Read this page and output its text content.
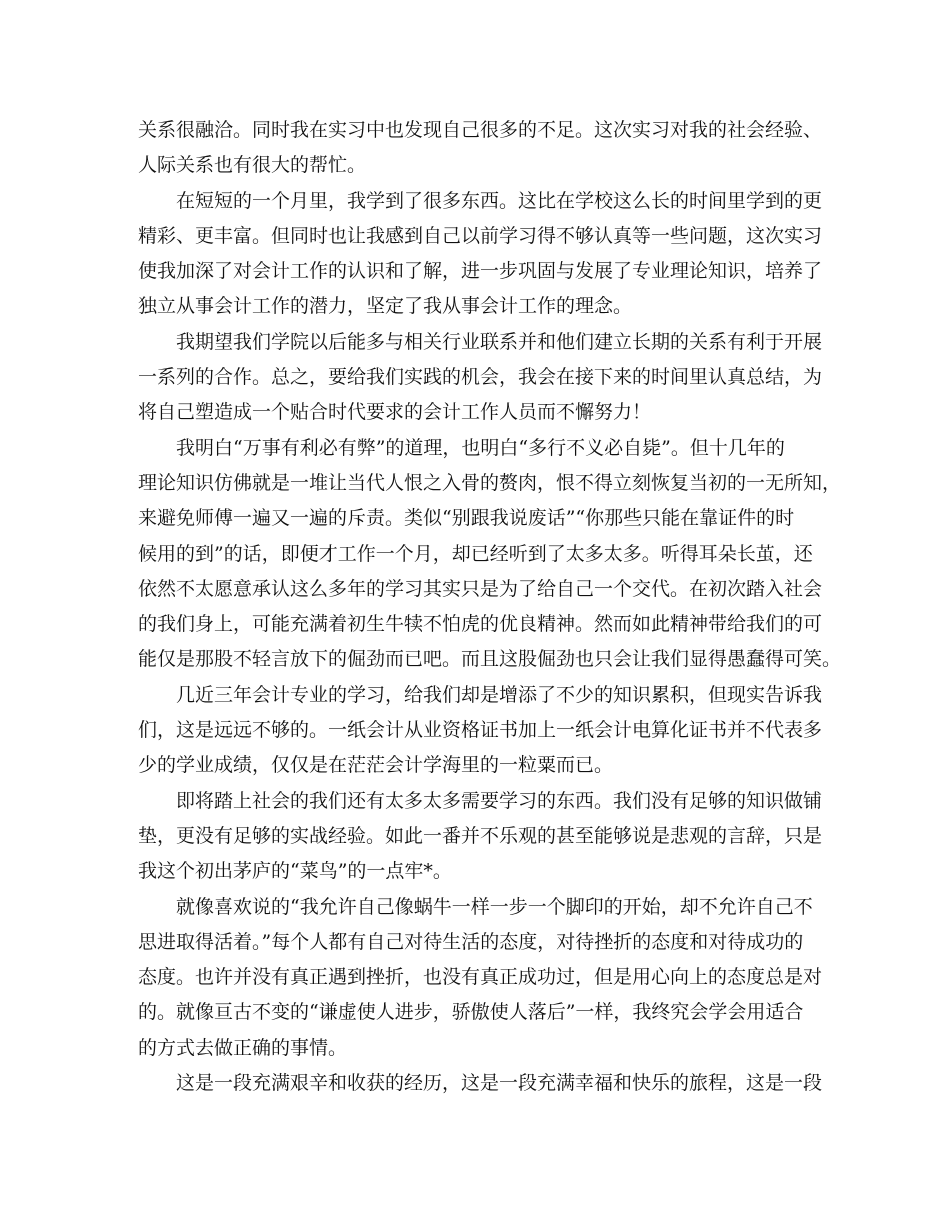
关系很融洽。同时我在实习中也发现自己很多的不足。这次实习对我的社会经验、
人际关系也有很大的帮忙。
在短短的一个月里，我学到了很多东西。这比在学校这么长的时间里学到的更
精彩、更丰富。但同时也让我感到自己以前学习得不够认真等一些问题，这次实习
使我加深了对会计工作的认识和了解，进一步巩固与发展了专业理论知识，培养了
独立从事会计工作的潜力，坚定了我从事会计工作的理念。
我期望我们学院以后能多与相关行业联系并和他们建立长期的关系有利于开展
一系列的合作。总之，要给我们实践的机会，我会在接下来的时间里认真总结，为
将自己塑造成一个贴合时代要求的会计工作人员而不懈努力！
我明白“万事有利必有弊”的道理，也明白“多行不义必自毙”。但十几年的
理论知识仿佛就是一堆让当代人恨之入骨的赘肉，恨不得立刻恢复当初的一无所知，
来避免师傅一遍又一遍的斥责。类似“别跟我说废话”“你那些只能在靠证件的时
候用的到”的话，即便才工作一个月，却已经听到了太多太多。听得耳朵长茧，还
依然不太愿意承认这么多年的学习其实只是为了给自己一个交代。在初次踏入社会
的我们身上，可能充满着初生牛犊不怕虎的优良精神。然而如此精神带给我们的可
能仅是那股不轻言放下的倔劲而已吧。而且这股倔劲也只会让我们显得愚蠢得可笑。
几近三年会计专业的学习，给我们却是增添了不少的知识累积，但现实告诉我
们，这是远远不够的。一纸会计从业资格证书加上一纸会计电算化证书并不代表多
少的学业成绩，仅仅是在茫茫会计学海里的一粒粟而已。
即将踏上社会的我们还有太多太多需要学习的东西。我们没有足够的知识做铺
垫，更没有足够的实战经验。如此一番并不乐观的甚至能够说是悲观的言辞，只是
我这个初出茅庐的“菜鸟”的一点牢*。
就像喜欢说的“我允许自己像蜗牛一样一步一个脚印的开始，却不允许自己不
思进取得活着。”每个人都有自己对待生活的态度，对待挫折的态度和对待成功的
态度。也许并没有真正遇到挫折，也没有真正成功过，但是用心向上的态度总是对
的。就像亘古不变的“谦虚使人进步，骄傲使人落后”一样，我终究会学会用适合
的方式去做正确的事情。
这是一段充满艰辛和收获的经历，这是一段充满幸福和快乐的旅程，这是一段
